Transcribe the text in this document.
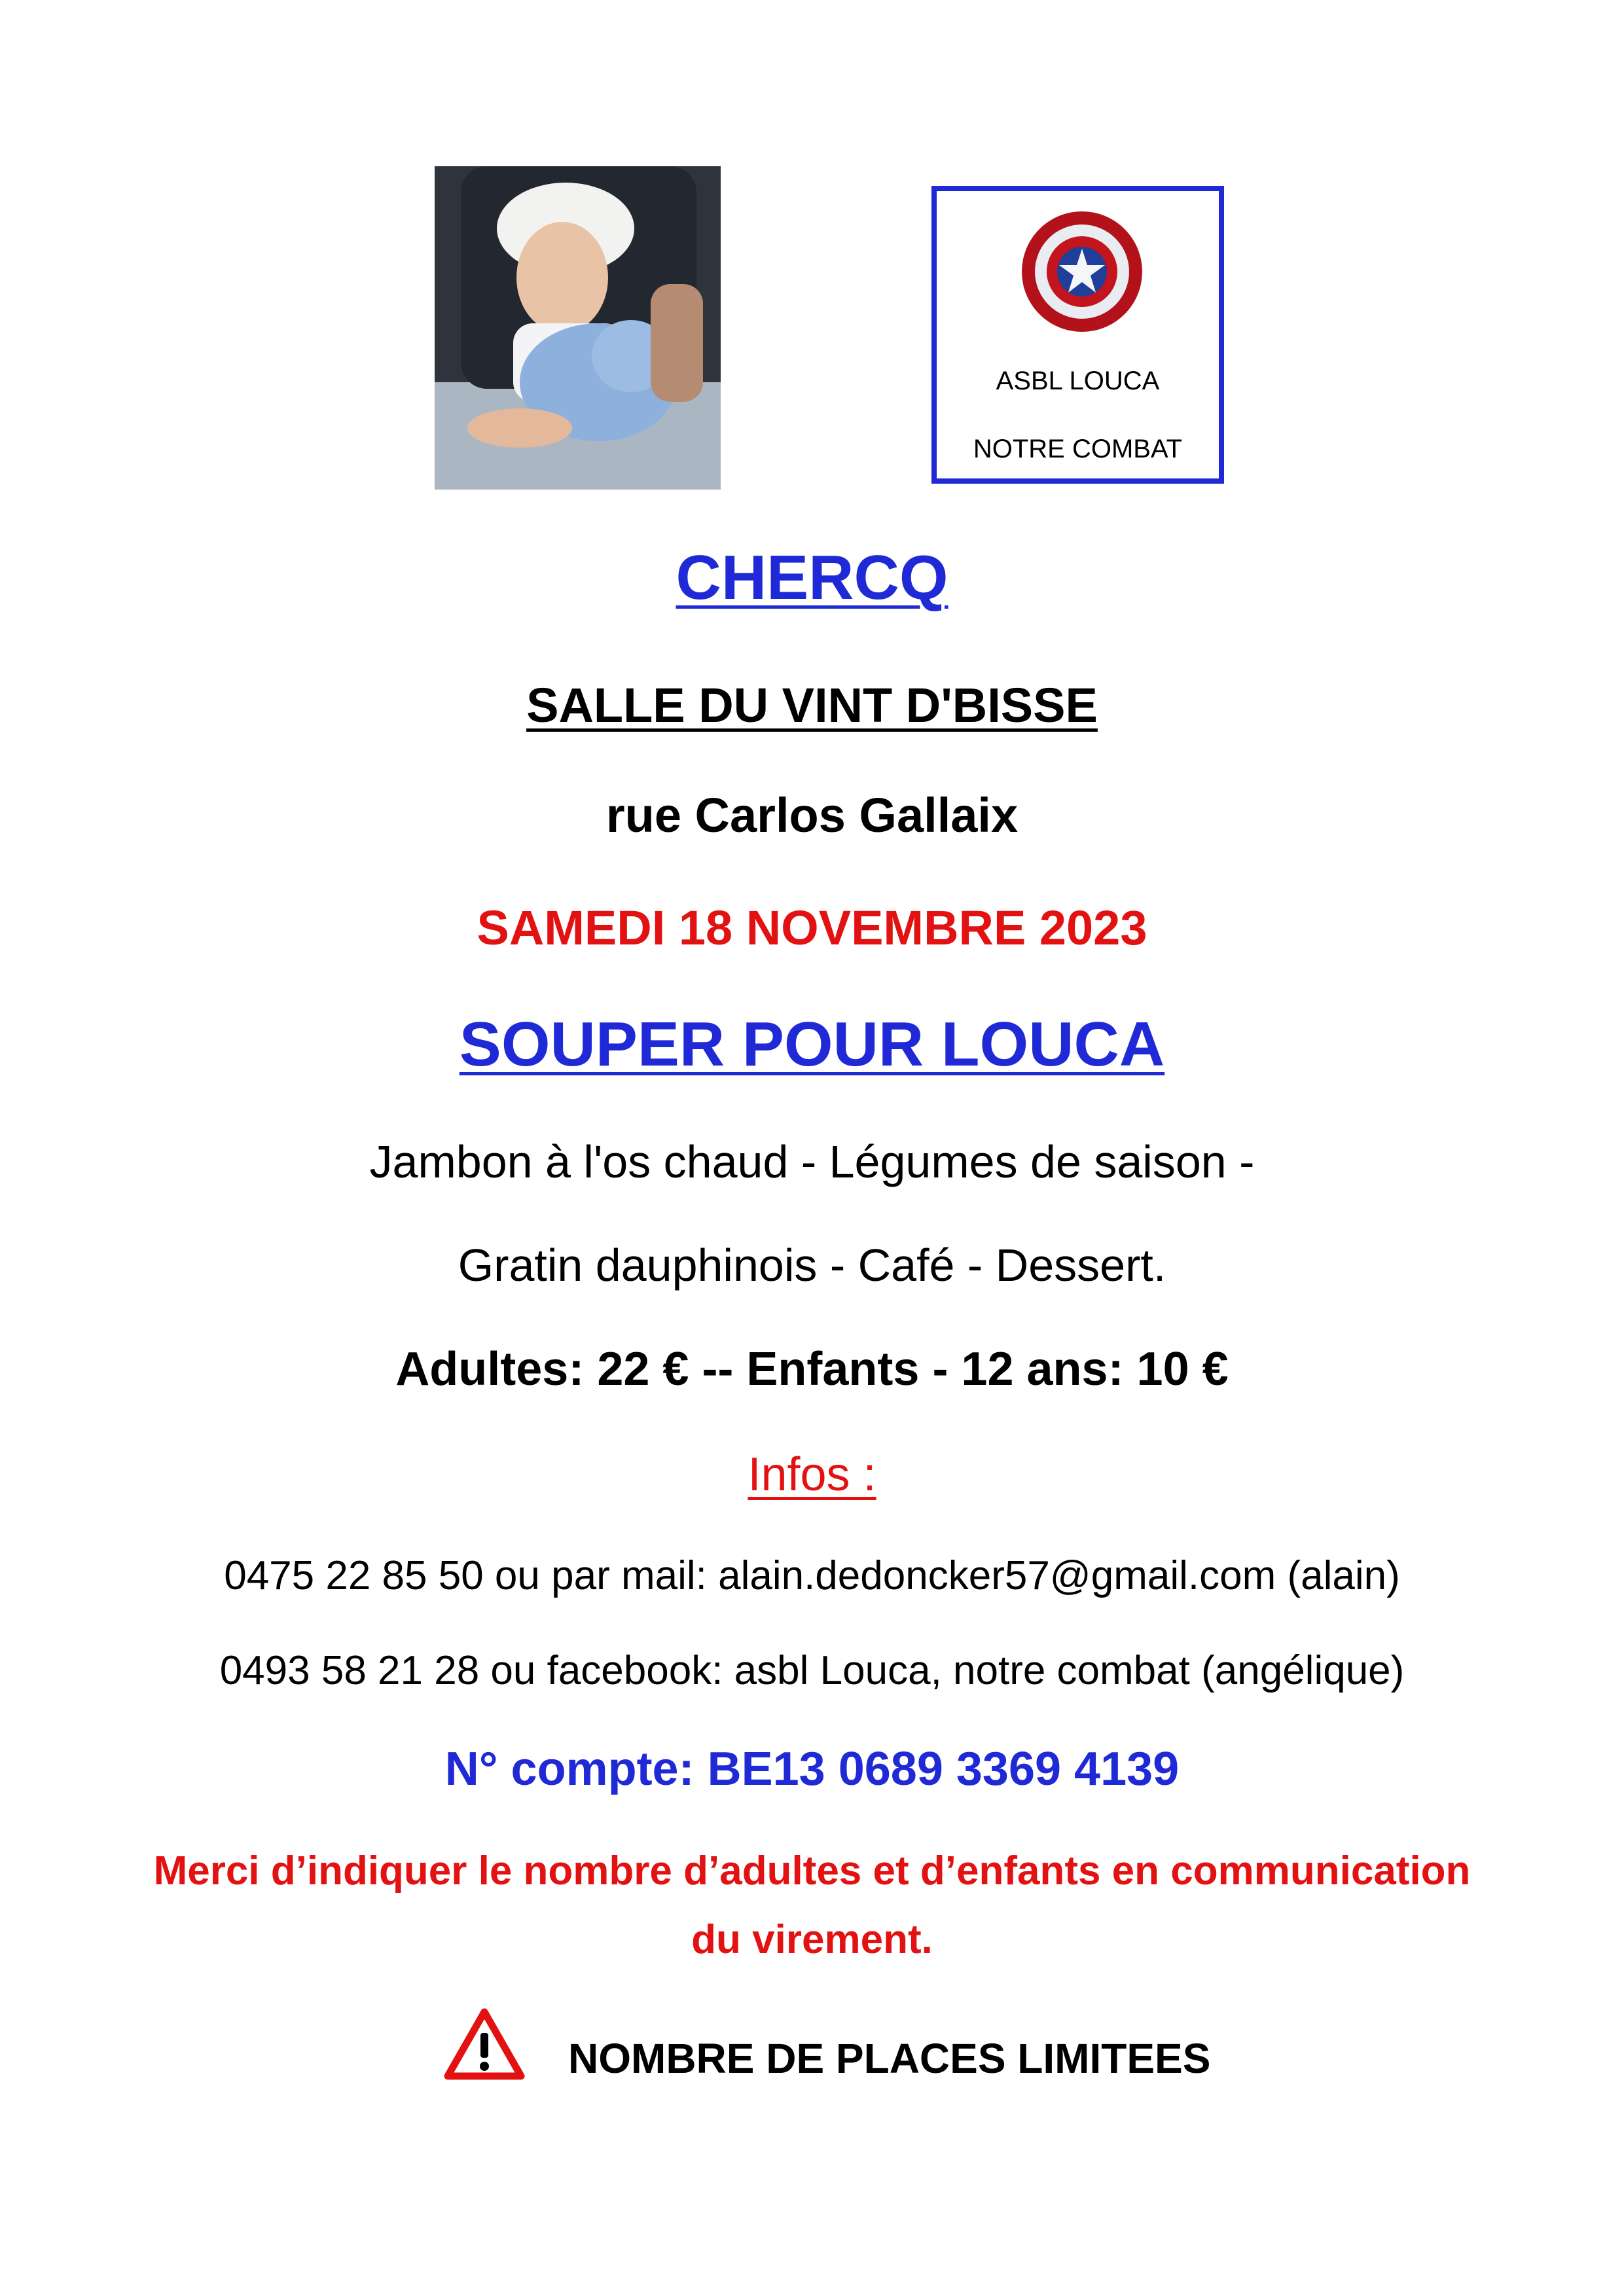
ASBL LOUCA
NOTRE COMBAT
CHERCQ
SALLE DU VINT D'BISSE
rue Carlos Gallaix
SAMEDI 18 NOVEMBRE 2023
SOUPER POUR LOUCA
Jambon à l'os chaud - Légumes de saison -
Gratin dauphinois - Café - Dessert.
Adultes: 22 € -- Enfants - 12 ans: 10 €
Infos :
0475 22 85 50 ou par mail: alain.dedoncker57@gmail.com (alain)
0493 58 21 28 ou facebook: asbl Louca, notre combat (angélique)
N° compte: BE13 0689 3369 4139
Merci d’indiquer le nombre d’adultes et d’enfants en communication
du virement.
NOMBRE DE PLACES LIMITEES
